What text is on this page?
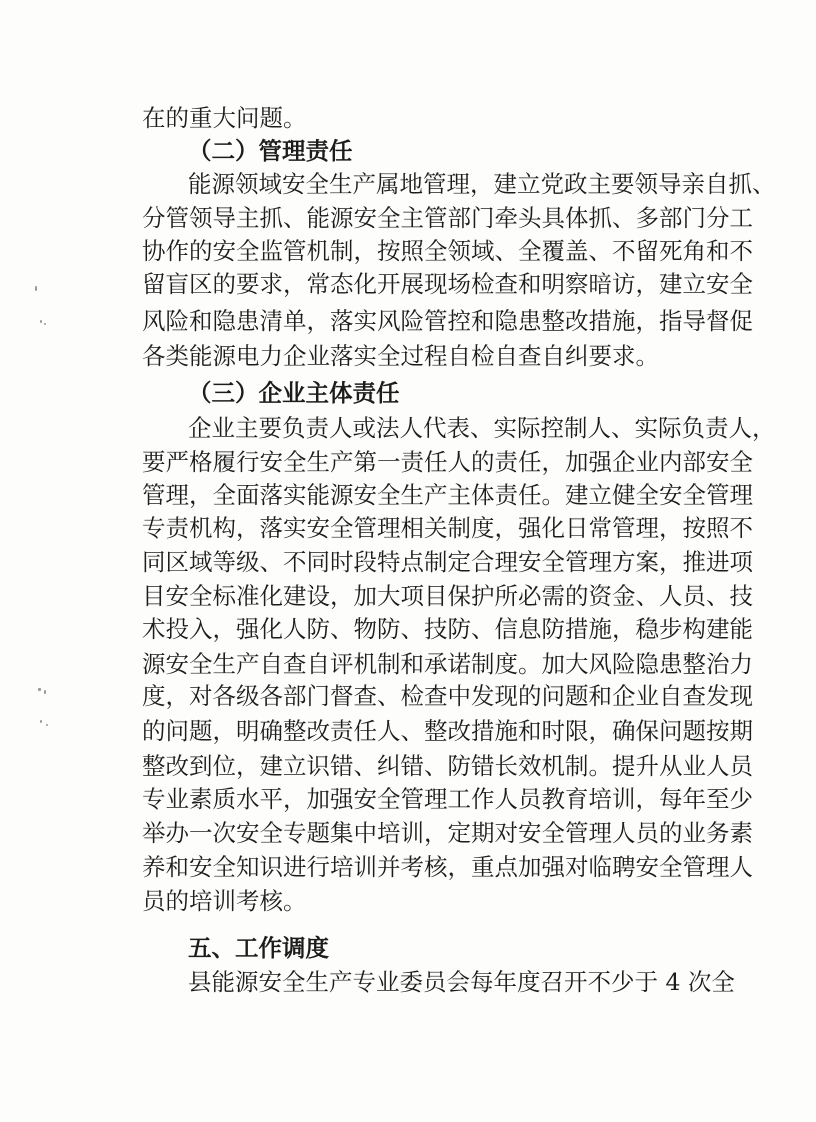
在的重大问题。
（二）管理责任
能源领域安全生产属地管理，建立党政主要领导亲自抓、
分管领导主抓、能源安全主管部门牵头具体抓、多部门分工
协作的安全监管机制，按照全领域、全覆盖、不留死角和不
留盲区的要求，常态化开展现场检查和明察暗访，建立安全
风险和隐患清单，落实风险管控和隐患整改措施，指导督促
各类能源电力企业落实全过程自检自查自纠要求。
（三）企业主体责任
企业主要负责人或法人代表、实际控制人、实际负责人，
要严格履行安全生产第一责任人的责任，加强企业内部安全
管理，全面落实能源安全生产主体责任。建立健全安全管理
专责机构，落实安全管理相关制度，强化日常管理，按照不
同区域等级、不同时段特点制定合理安全管理方案，推进项
目安全标准化建设，加大项目保护所必需的资金、人员、技
术投入，强化人防、物防、技防、信息防措施，稳步构建能
源安全生产自查自评机制和承诺制度。加大风险隐患整治力
度，对各级各部门督查、检查中发现的问题和企业自查发现
的问题，明确整改责任人、整改措施和时限，确保问题按期
整改到位，建立识错、纠错、防错长效机制。提升从业人员
专业素质水平，加强安全管理工作人员教育培训，每年至少
举办一次安全专题集中培训，定期对安全管理人员的业务素
养和安全知识进行培训并考核，重点加强对临聘安全管理人
员的培训考核。
五、工作调度
县能源安全生产专业委员会每年度召开不少于 4 次全
